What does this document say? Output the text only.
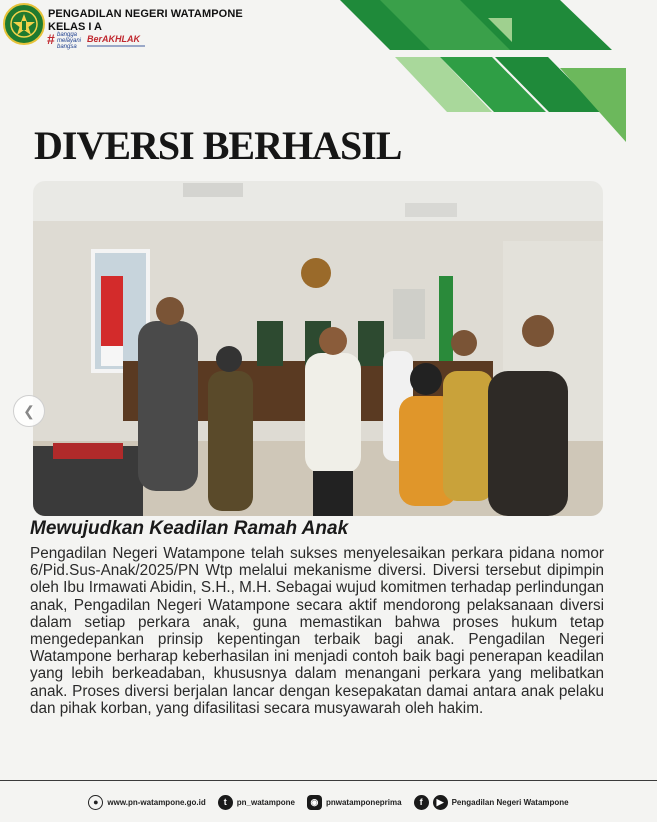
PENGADILAN NEGERI WATAMPONE
KELAS I A
# bangga melayani bangsa
BerAKHLAK
DIVERSI BERHASIL
❮
Mewujudkan Keadilan Ramah Anak

Pengadilan Negeri Watampone telah sukses menyelesaikan perkara pidana nomor 6/Pid.Sus-Anak/2025/PN Wtp melalui mekanisme diversi. Diversi tersebut dipimpin oleh Ibu Irmawati Abidin, S.H., M.H. Sebagai wujud komitmen terhadap perlindungan anak, Pengadilan Negeri Watampone secara aktif mendorong pelaksanaan diversi dalam setiap perkara anak, guna memastikan bahwa proses hukum tetap mengedepankan prinsip kepentingan terbaik bagi anak. Pengadilan Negeri Watampone berharap keberhasilan ini menjadi contoh baik bagi penerapan keadilan yang lebih berkeadaban, khususnya dalam menangani perkara yang melibatkan anak. Proses diversi berjalan lancar dengan kesepakatan damai antara anak pelaku dan pihak korban, yang difasilitasi secara musyawarah oleh hakim.

●	www.pn-watampone.go.id	t	pn_watampone	◉ pnwatamponeprima	f	▶	Pengadilan Negeri Watampone
